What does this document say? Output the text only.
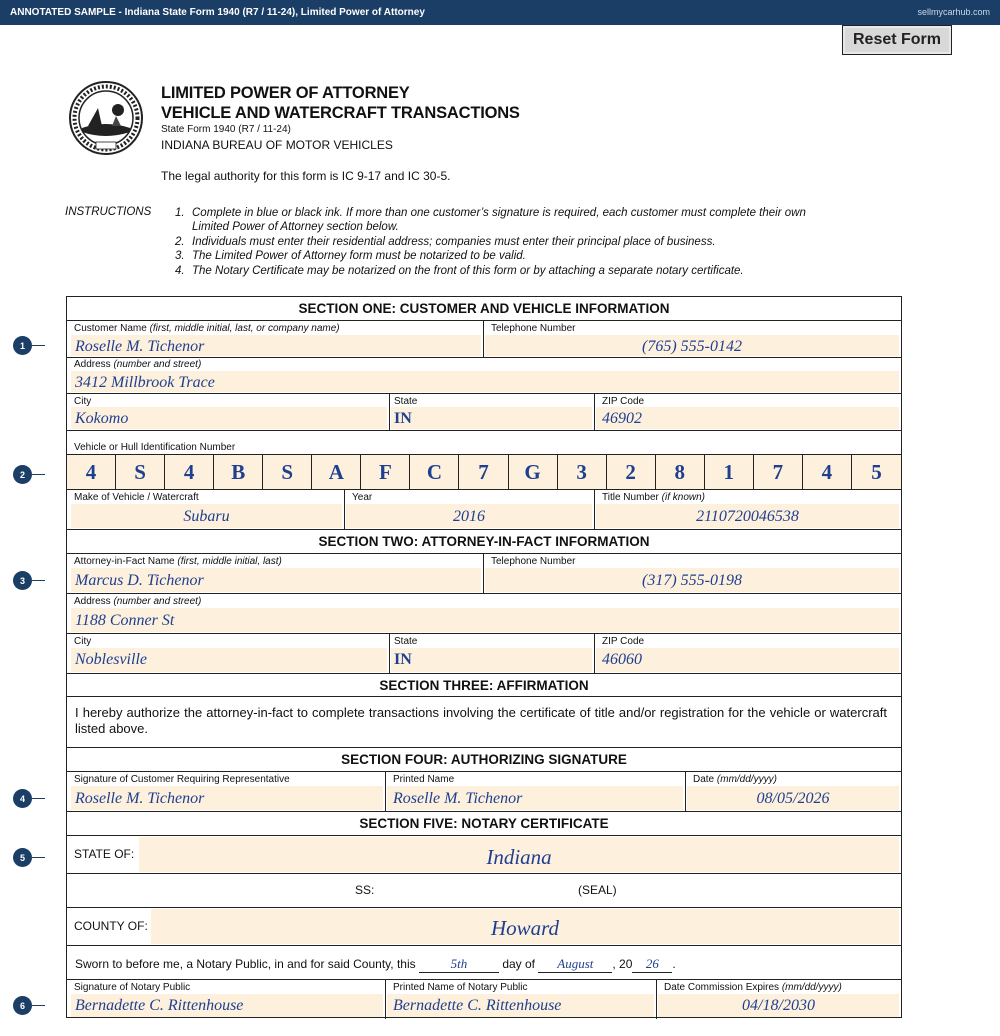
ANNOTATED SAMPLE - Indiana State Form 1940 (R7 / 11-24), Limited Power of Attorney	sellmycarhub.com
Reset Form
LIMITED POWER OF ATTORNEY
VEHICLE AND WATERCRAFT TRANSACTIONS
State Form 1940 (R7 / 11-24)
INDIANA BUREAU OF MOTOR VEHICLES
The legal authority for this form is IC 9-17 and IC 30-5.
INSTRUCTIONS 1. Complete in blue or black ink. If more than one customer’s signature is required, each customer must complete their own
Limited Power of Attorney section below.
2. Individuals must enter their residential address; companies must enter their principal place of business.
3. The Limited Power of Attorney form must be notarized to be valid.
4. The Notary Certificate may be notarized on the front of this form or by attaching a separate notary certificate.
1
2
3
4
5
6
SECTION ONE: CUSTOMER AND VEHICLE INFORMATION
Customer Name (first, middle initial, last, or company name)
Roselle M. Tichenor
Telephone Number
(765) 555-0142
Address (number and street)
3412 Millbrook Trace
City
Kokomo
State
IN
ZIP Code
46902
Vehicle or Hull Identification Number
4	S	4	B	S	A	F	C	7	G	3	2	8	1	7	4	5
Make of Vehicle / Watercraft
Subaru
Year
2016
Title Number (if known)
2110720046538
SECTION TWO: ATTORNEY-IN-FACT INFORMATION
Attorney-in-Fact Name (first, middle initial, last)
Marcus D. Tichenor
Telephone Number
(317) 555-0198
Address (number and street)
1188 Conner St
City
Noblesville
State
IN
ZIP Code
46060
SECTION THREE: AFFIRMATION
I hereby authorize the attorney-in-fact to complete transactions involving the certificate of title and/or registration for the vehicle or watercraft listed above.
SECTION FOUR: AUTHORIZING SIGNATURE
Signature of Customer Requiring Representative
Roselle M. Tichenor
Printed Name
Roselle M. Tichenor
Date (mm/dd/yyyy)
08/05/2026
SECTION FIVE: NOTARY CERTIFICATE
STATE OF:	Indiana
SS:	(SEAL)
COUNTY OF:	Howard
Sworn to before me, a Notary Public, in and for said County, this	5th	day of August , 20 26 .
Signature of Notary Public
Bernadette C. Rittenhouse
Printed Name of Notary Public
Bernadette C. Rittenhouse
Date Commission Expires (mm/dd/yyyy)
04/18/2030
